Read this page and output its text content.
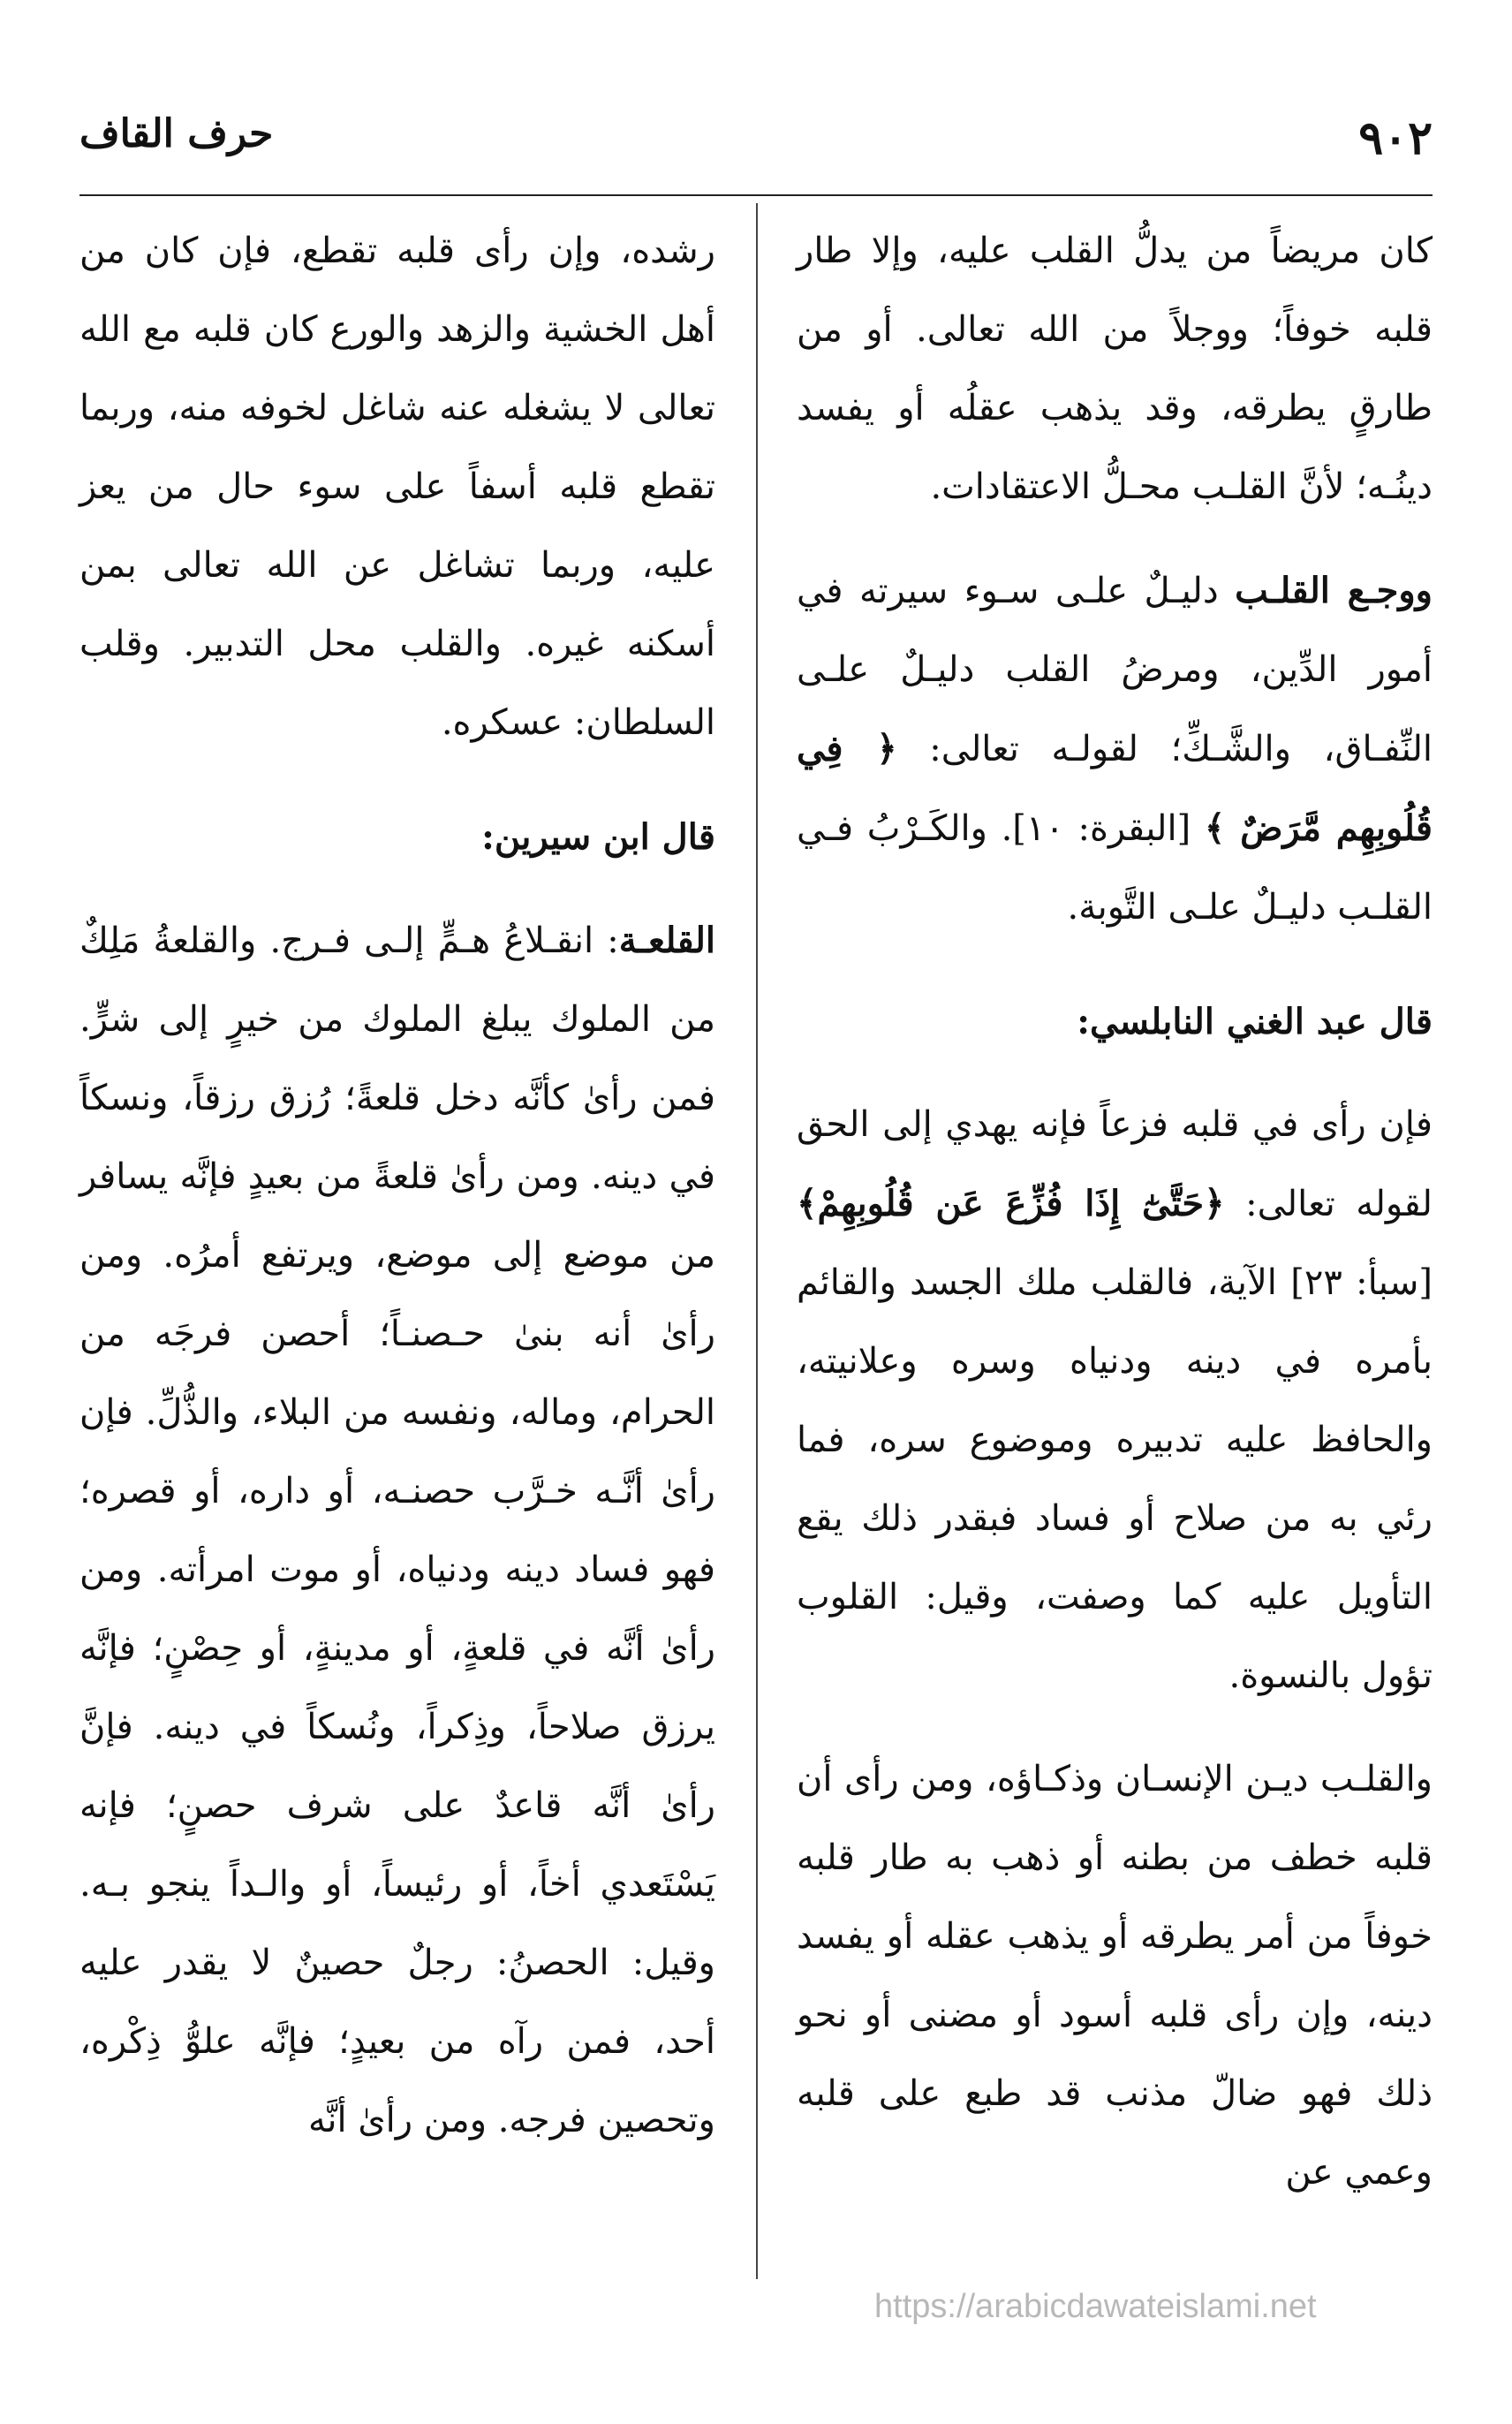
٩٠٢
حرف القاف

كان مريضاً من يدلُّ القلب عليه، وإلا طار قلبه خوفاً؛ ووجلاً من الله تعالى. أو من طارقٍ يطرقه، وقد يذهب عقلُه أو يفسد دينُـه؛ لأنَّ القلـب محـلُّ الاعتقادات.

ووجـع القلـب دليـلٌ علـى سـوء سيرته في أمور الدِّين، ومرضُ القلب دليـلٌ علـى النِّفـاق، والشَّـكِّ؛ لقولـه تعالى: ﴿ فِي قُلُوبِهِم مَّرَضٌ ﴾ [البقرة: ١٠]. والكَـرْبُ فـي القلـب دليـلٌ علـى التَّوبة.

قال عبد الغني النابلسي:

فإن رأى في قلبه فزعاً فإنه يهدي إلى الحق لقوله تعالى: ﴿حَتَّىٰٓ إِذَا فُزِّعَ عَن قُلُوبِهِمْ﴾ [سبأ: ٢٣] الآية، فالقلب ملك الجسد والقائم بأمره في دينه ودنياه وسره وعلانيته، والحافظ عليه تدبيره وموضوع سره، فما رئي به من صلاح أو فساد فبقدر ذلك يقع التأويل عليه كما وصفت، وقيل: القلوب تؤول بالنسوة.

والقلـب ديـن الإنسـان وذكـاؤه، ومن رأى أن قلبه خطف من بطنه أو ذهب به طار قلبه خوفاً من أمر يطرقه أو يذهب عقله أو يفسد دينه، وإن رأى قلبه أسود أو مضنى أو نحو ذلك فهو ضالّ مذنب قد طبع على قلبه وعمي عن

رشده، وإن رأى قلبه تقطع، فإن كان من أهل الخشية والزهد والورع كان قلبه مع الله تعالى لا يشغله عنه شاغل لخوفه منه، وربما تقطع قلبه أسفاً على سوء حال من يعز عليه، وربما تشاغل عن الله تعالى بمن أسكنه غيره. والقلب محل التدبير. وقلب السلطان: عسكره.

قال ابن سيرين:

القلعـة: انقـلاعُ هـمٍّ إلـى فـرج. والقلعةُ مَلِكٌ من الملوك يبلغ الملوك من خيرٍ إلى شرٍّ. فمن رأىٰ كأنَّه دخل قلعةً؛ رُزق رزقاً، ونسكاً في دينه. ومن رأىٰ قلعةً من بعيدٍ فإنَّه يسافر من موضع إلى موضع، ويرتفع أمرُه. ومن رأىٰ أنه بنىٰ حـصنـاً؛ أحصن فرجَه من الحرام، وماله، ونفسه من البلاء، والذُّلِّ. فإن رأىٰ أنَّـه خـرَّب حصنـه، أو داره، أو قصره؛ فهو فساد دينه ودنياه، أو موت امرأته. ومن رأىٰ أنَّه في قلعةٍ، أو مدينةٍ، أو حِصْنٍ؛ فإنَّه يرزق صلاحاً، وذِكراً، ونُسكاً في دينه. فإنَّ رأىٰ أنَّه قاعدٌ على شرف حصنٍ؛ فإنه يَسْتَعدي أخاً، أو رئيساً، أو والـداً ينجو بـه. وقيل: الحصنُ: رجلٌ حصينٌ لا يقدر عليه أحد، فمن رآه من بعيدٍ؛ فإنَّه علوُّ ذِكْره، وتحصين فرجه. ومن رأىٰ أنَّه

https://arabicdawateislami.net
